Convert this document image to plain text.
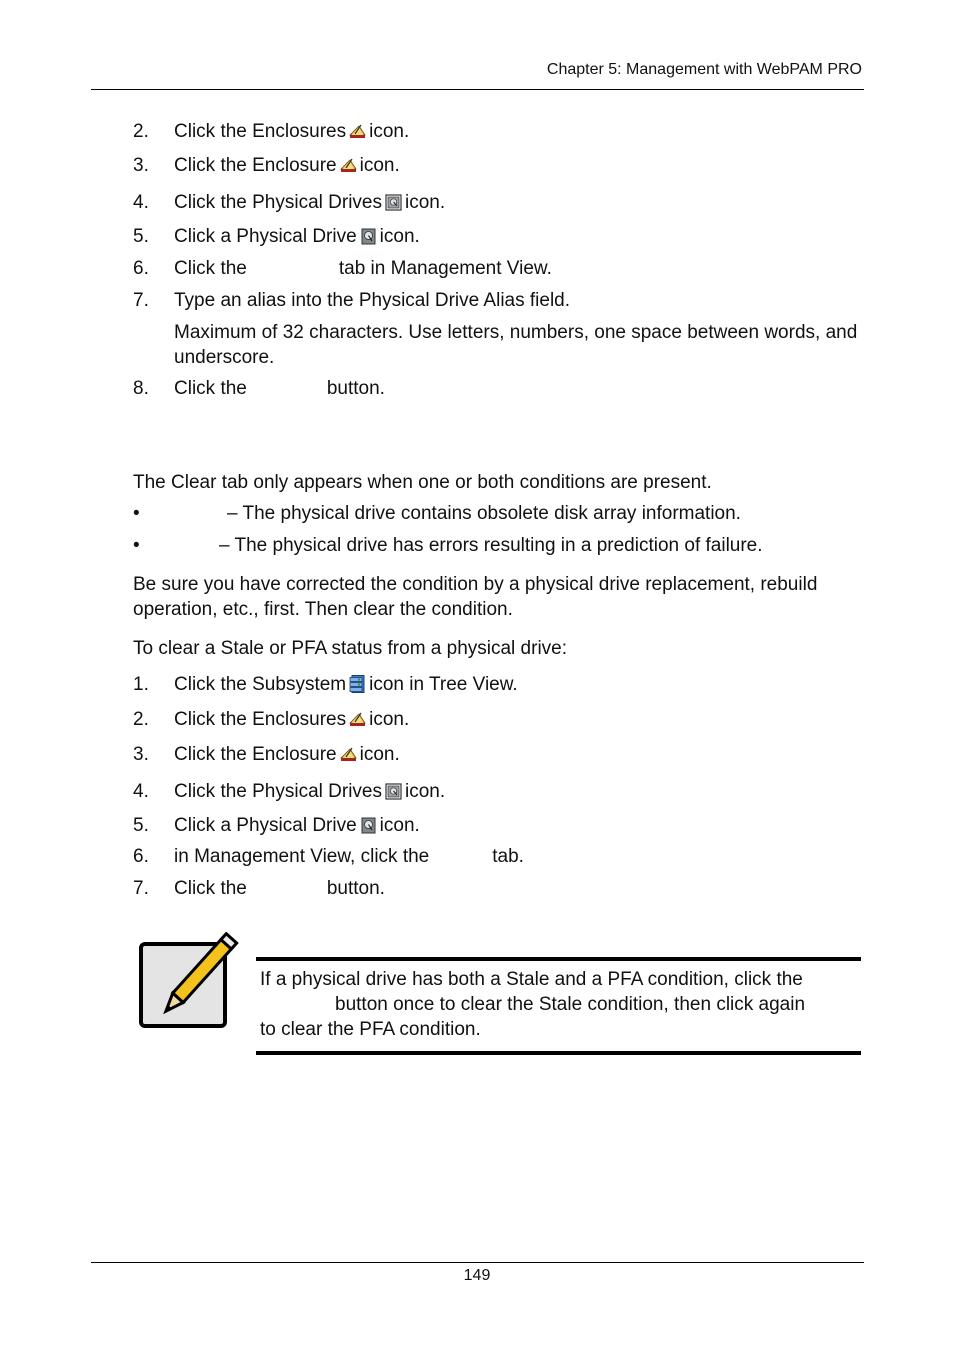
Chapter 5: Management with WebPAM PRO
2. Click the Enclosures icon.
3. Click the Enclosure icon.
4. Click the Physical Drives icon.
5. Click a Physical Drive icon.
6. Click the	tab in Management View.
7. Type an alias into the Physical Drive Alias field.
Maximum of 32 characters. Use letters, numbers, one space between words, and underscore.
8. Click the	button.
The Clear tab only appears when one or both conditions are present.
•	– The physical drive contains obsolete disk array information.
•	– The physical drive has errors resulting in a prediction of failure.
Be sure you have corrected the condition by a physical drive replacement, rebuild operation, etc., first. Then clear the condition.
To clear a Stale or PFA status from a physical drive:
1. Click the Subsystem icon in Tree View.
2. Click the Enclosures icon.
3. Click the Enclosure icon.
4. Click the Physical Drives icon.
5. Click a Physical Drive icon.
6. in Management View, click the	tab.
7. Click the	button.
If a physical drive has both a Stale and a PFA condition, click the
button once to clear the Stale condition, then click again
to clear the PFA condition.
149
